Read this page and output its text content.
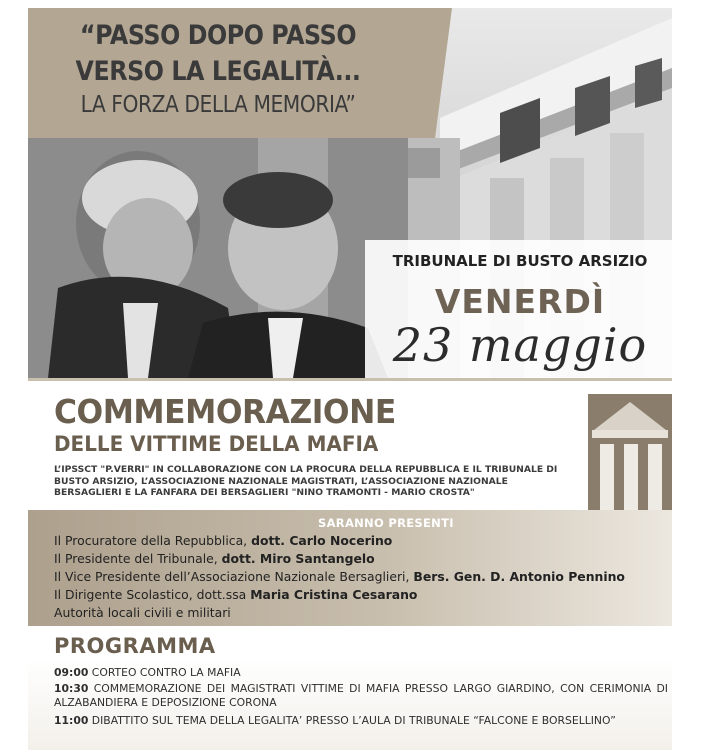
“PASSO DOPO PASSO
VERSO LA LEGALITÀ...
LA FORZA DELLA MEMORIA”
TRIBUNALE DI BUSTO ARSIZIO
VENERDÌ
23 maggio
COMMEMORAZIONE
DELLE VITTIME DELLA MAFIA
L’IPSSCT "P.VERRI" IN COLLABORAZIONE CON LA PROCURA DELLA REPUBBLICA E IL TRIBUNALE DI BUSTO ARSIZIO, L’ASSOCIAZIONE NAZIONALE MAGISTRATI, L’ASSOCIAZIONE NAZIONALE BERSAGLIERI E LA FANFARA DEI BERSAGLIERI "NINO TRAMONTI - MARIO CROSTA"
SARANNO PRESENTI
Il Procuratore della Repubblica, dott. Carlo Nocerino
Il Presidente del Tribunale, dott. Miro Santangelo
Il Vice Presidente dell’Associazione Nazionale Bersaglieri, Bers. Gen. D. Antonio Pennino
Il Dirigente Scolastico, dott.ssa Maria Cristina Cesarano
Autorità locali civili e militari
PROGRAMMA
09:00 CORTEO CONTRO LA MAFIA
10:30 COMMEMORAZIONE DEI MAGISTRATI VITTIME DI MAFIA PRESSO LARGO GIARDINO, CON CERIMONIA DI ALZABANDIERA E DEPOSIZIONE CORONA
11:00 DIBATTITO SUL TEMA DELLA LEGALITA’ PRESSO L’AULA DI TRIBUNALE “FALCONE E BORSELLINO”
